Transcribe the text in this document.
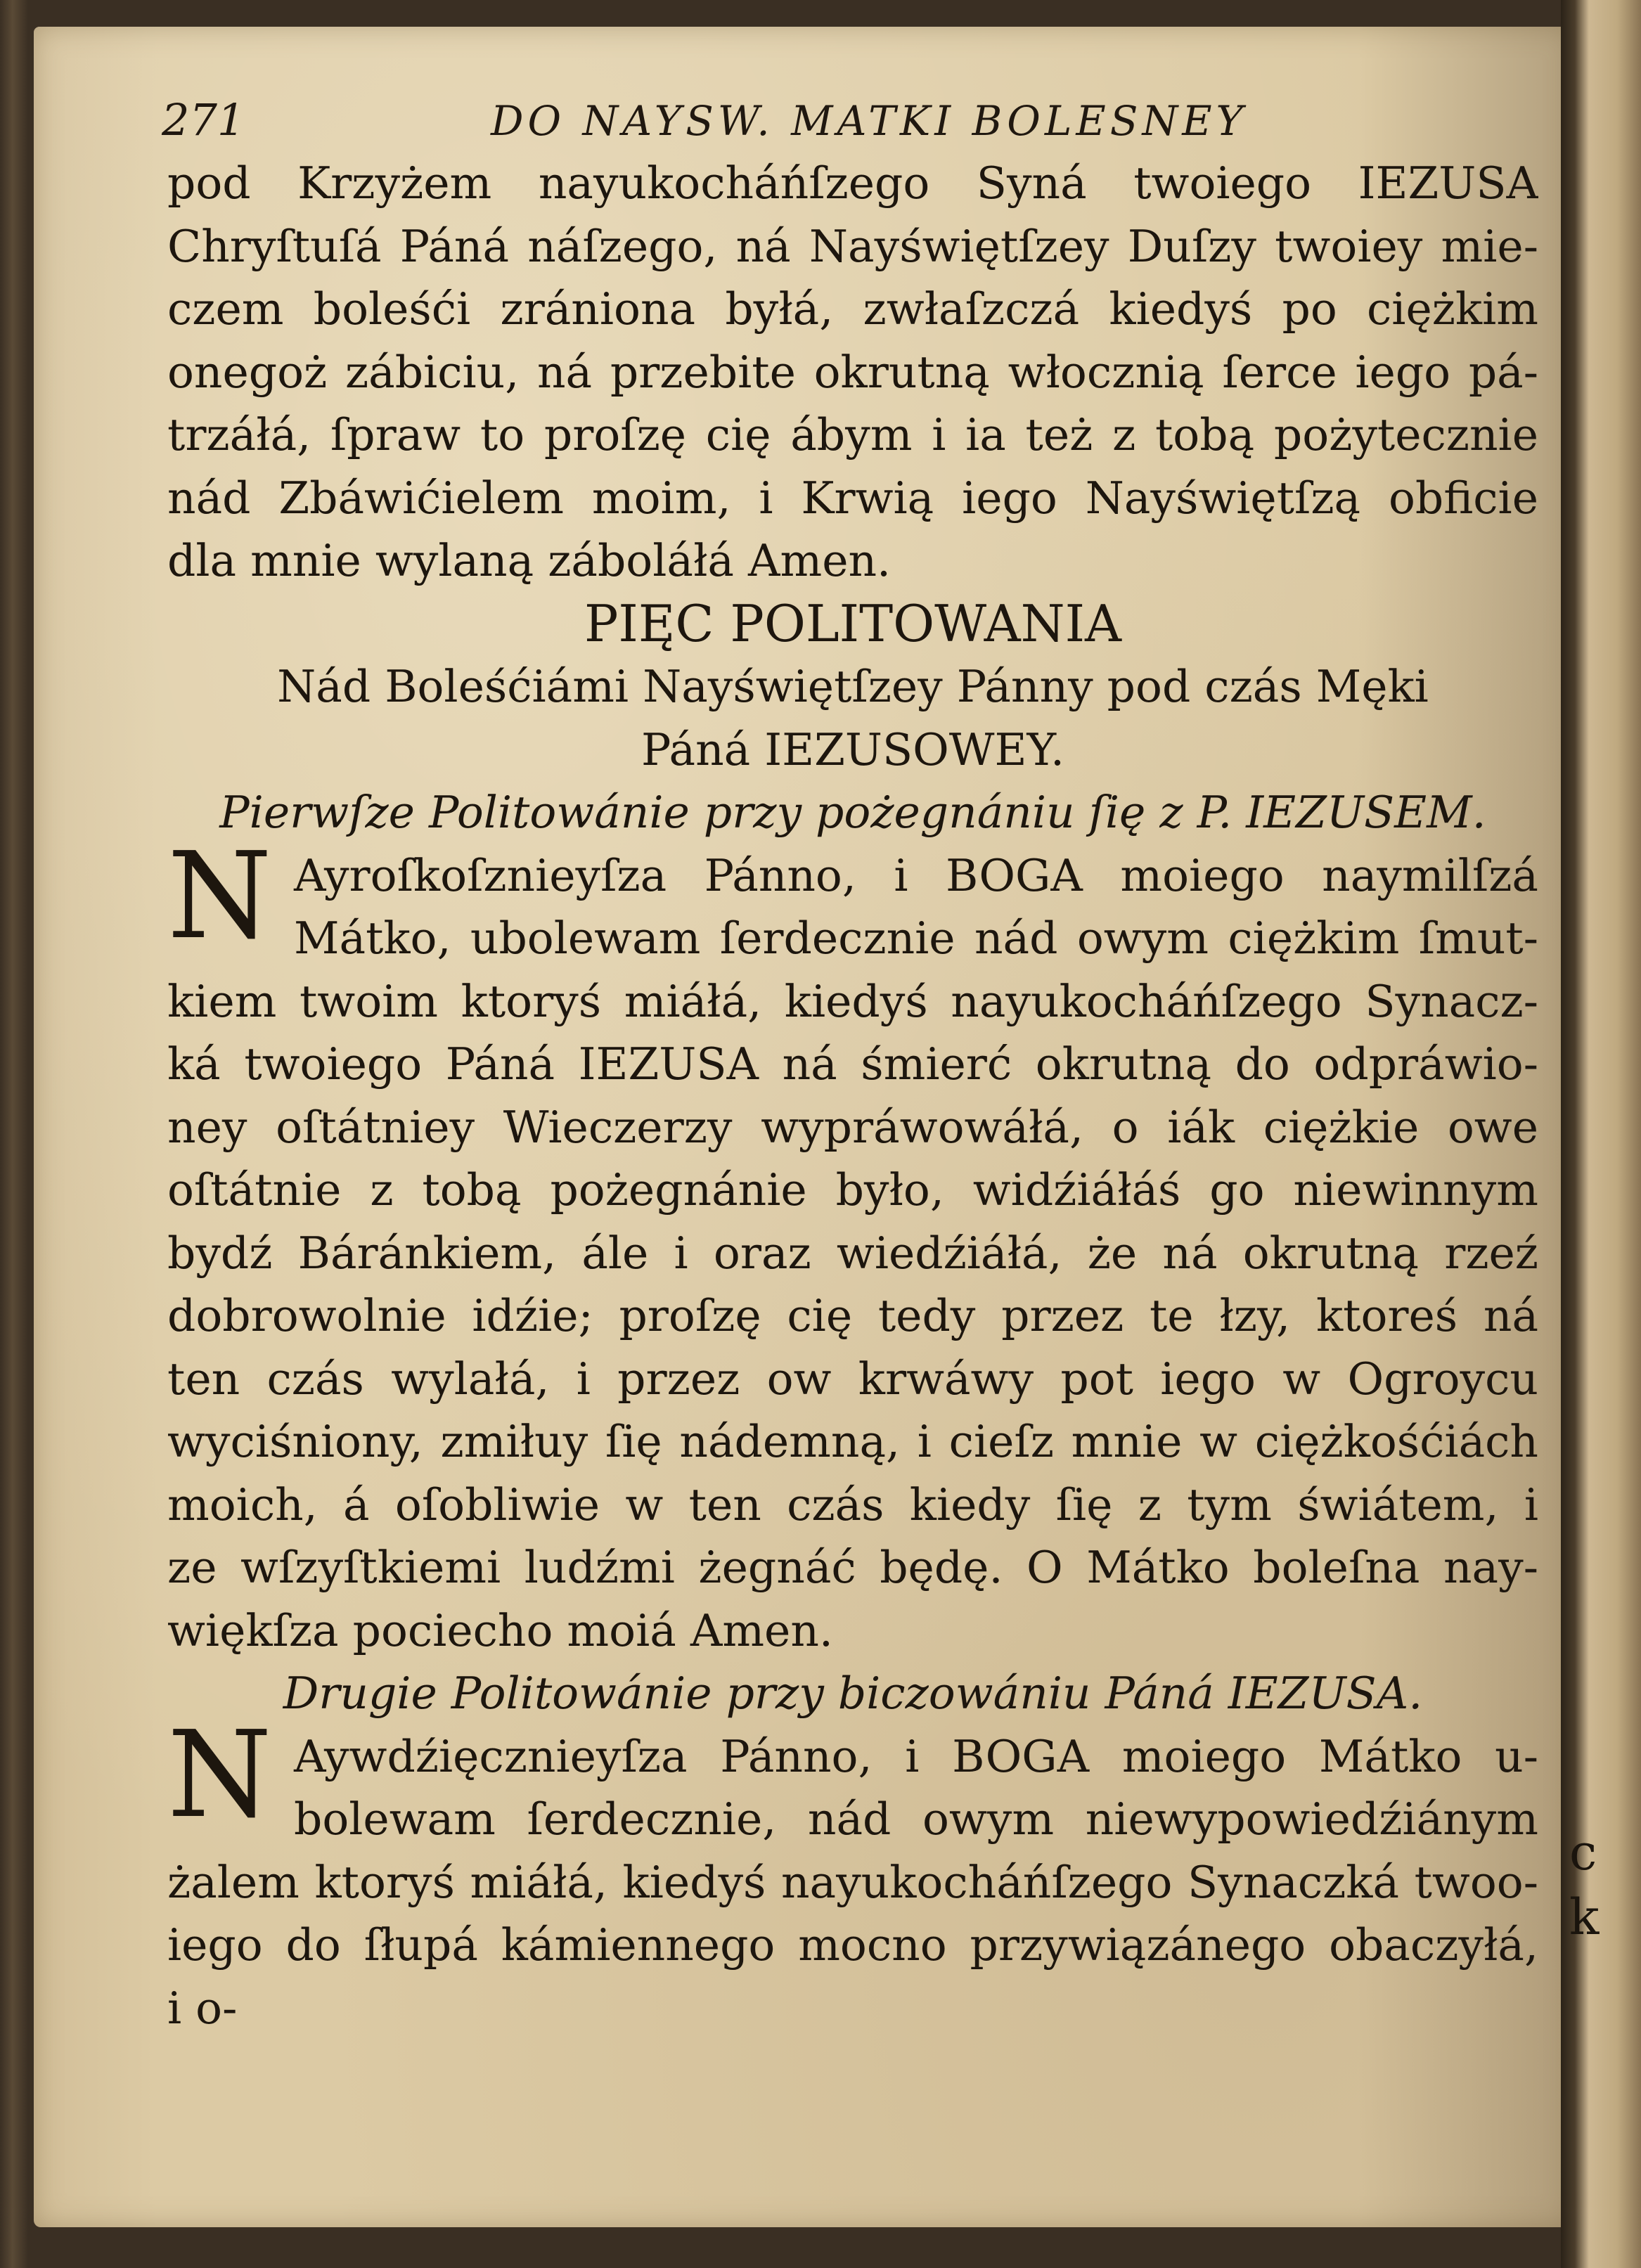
271	DO NAYSW. MATKI BOLESNEY
pod Krzyżem nayukocháńſzego Syná twoiego IEZUSA
Chryſtuſá Páná náſzego, ná Nayświętſzey Duſzy twoiey mie-
czem boleśći zrániona byłá, zwłaſzczá kiedyś po ciężkim
onegoż zábiciu, ná przebite okrutną włocznią ſerce iego pá-
trzáłá, ſpraw to proſzę cię ábym i ia też z tobą pożytecznie
nád Zbáwićielem moim, i Krwią iego Nayświętſzą obficie
dla mnie wylaną záboláłá Amen.
PIĘC POLITOWANIA
Nád Boleśćiámi Nayświętſzey Pánny pod czás Męki
Páná IEZUSOWEY.
Pierwſze Politowánie przy pożegnániu ſię z P. IEZUSEM.
Ayroſkoſznieyſza Pánno, i BOGA moiego naymilſzá
Mátko, ubolewam ſerdecznie nád owym ciężkim ſmut-
kiem twoim ktoryś miáłá, kiedyś nayukocháńſzego Synacz-
ká twoiego Páná IEZUSA ná śmierć okrutną do odpráwio-
ney oſtátniey Wieczerzy wypráwowáłá, o iák ciężkie owe
oſtátnie z tobą pożegnánie było, widźiáłáś go niewinnym
bydź Báránkiem, ále i oraz wiedźiáłá, że ná okrutną rzeź
dobrowolnie idźie; proſzę cię tedy przez te łzy, ktoreś ná
ten czás wylałá, i przez ow krwáwy pot iego w Ogroycu
wyciśniony, zmiłuy ſię nádemną, i cieſz mnie w ciężkośćiách
moich, á oſobliwie w ten czás kiedy ſię z tym świátem, i
ze wſzyſtkiemi ludźmi żegnáć będę. O Mátko boleſna nay-
więkſza pociecho moiá Amen.
Drugie Politowánie przy biczowániu Páná IEZUSA.
Aywdźięcznieyſza Pánno, i BOGA moiego Mátko u-
bolewam ſerdecznie, nád owym niewypowiedźiánym
żalem ktoryś miáłá, kiedyś nayukocháńſzego Synaczká twoo-
iego do ſłupá kámiennego mocno przywiązánego obaczyłá,
i o-
N
N
c
k
